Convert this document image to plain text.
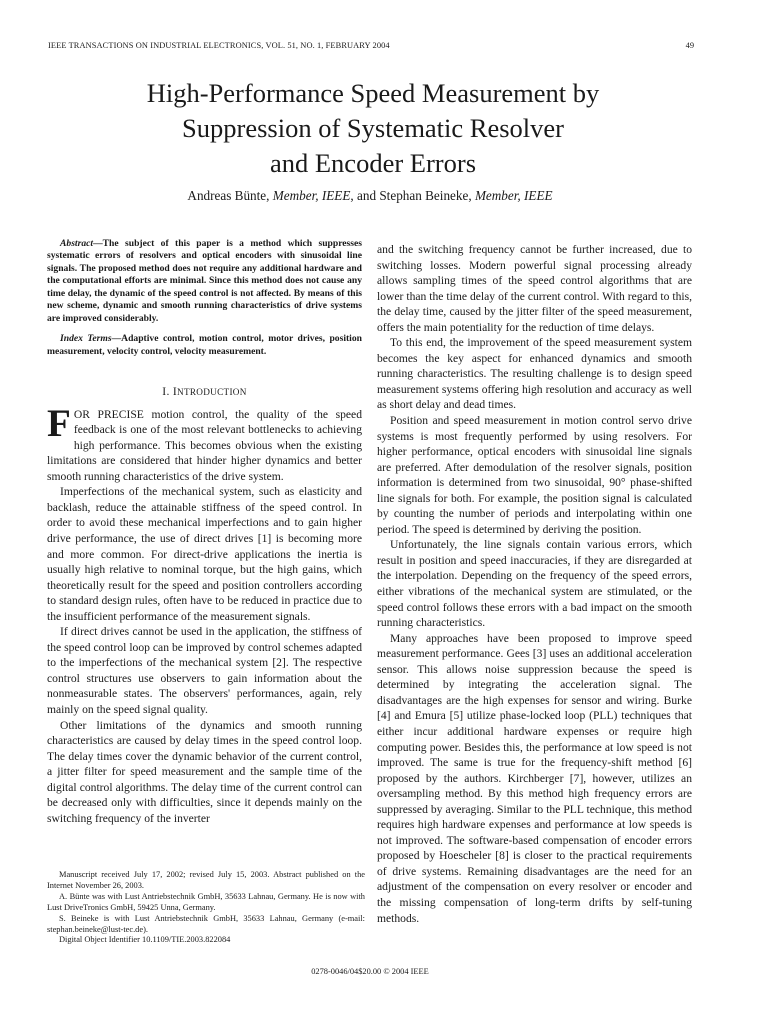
IEEE TRANSACTIONS ON INDUSTRIAL ELECTRONICS, VOL. 51, NO. 1, FEBRUARY 2004	49
High-Performance Speed Measurement by
Suppression of Systematic Resolver
and Encoder Errors
Andreas Bünte, Member, IEEE, and Stephan Beineke, Member, IEEE

Abstract—The subject of this paper is a method which suppresses systematic errors of resolvers and optical encoders with sinusoidal line signals. The proposed method does not require any additional hardware and the computational efforts are minimal. Since this method does not cause any time delay, the dynamic of the speed control is not affected. By means of this new scheme, dynamic and smooth running characteristics of drive systems are improved considerably.

Index Terms—Adaptive control, motion control, motor drives, position measurement, velocity control, velocity measurement.

I. INTRODUCTION

FOR PRECISE motion control, the quality of the speed feedback is one of the most relevant bottlenecks to achieving high performance. This becomes obvious when the existing limitations are considered that hinder higher dynamics and better smooth running characteristics of the drive system.

Imperfections of the mechanical system, such as elasticity and backlash, reduce the attainable stiffness of the speed control. In order to avoid these mechanical imperfections and to gain higher drive performance, the use of direct drives [1] is becoming more and more common. For direct-drive applications the inertia is usually high relative to nominal torque, but the high gains, which theoretically result for the speed and position controllers according to standard design rules, often have to be reduced in practice due to the insufficient performance of the measurement signals.

If direct drives cannot be used in the application, the stiffness of the speed control loop can be improved by control schemes adapted to the imperfections of the mechanical system [2]. The respective control structures use observers to gain information about the nonmeasurable states. The observers' performances, again, rely mainly on the speed signal quality.

Other limitations of the dynamics and smooth running characteristics are caused by delay times in the speed control loop. The delay times cover the dynamic behavior of the current control, a jitter filter for speed measurement and the sample time of the digital control algorithms. The delay time of the current control can be decreased only with difficulties, since it depends mainly on the switching frequency of the inverter

and the switching frequency cannot be further increased, due to switching losses. Modern powerful signal processing already allows sampling times of the speed control algorithms that are lower than the time delay of the current control. With regard to this, the delay time, caused by the jitter filter of the speed measurement, offers the main potentiality for the reduction of time delays.

To this end, the improvement of the speed measurement system becomes the key aspect for enhanced dynamics and smooth running characteristics. The resulting challenge is to design speed measurement systems offering high resolution and accuracy as well as short delay and dead times.

Position and speed measurement in motion control servo drive systems is most frequently performed by using resolvers. For higher performance, optical encoders with sinusoidal line signals are preferred. After demodulation of the resolver signals, position information is determined from two sinusoidal, 90° phase-shifted line signals for both. For example, the position signal is calculated by counting the number of periods and interpolating within one period. The speed is determined by deriving the position.

Unfortunately, the line signals contain various errors, which result in position and speed inaccuracies, if they are disregarded at the interpolation. Depending on the frequency of the speed errors, either vibrations of the mechanical system are stimulated, or the speed control follows these errors with a bad impact on the smooth running characteristics.

Many approaches have been proposed to improve speed measurement performance. Gees [3] uses an additional acceleration sensor. This allows noise suppression because the speed is determined by integrating the acceleration signal. The disadvantages are the high expenses for sensor and wiring. Burke [4] and Emura [5] utilize phase-locked loop (PLL) techniques that either incur additional hardware expenses or require high computing power. Besides this, the performance at low speed is not improved. The same is true for the frequency-shift method [6] proposed by the authors. Kirchberger [7], however, utilizes an oversampling method. By this method high frequency errors are suppressed by averaging. Similar to the PLL technique, this method requires high hardware expenses and performance at low speeds is not improved. The software-based compensation of encoder errors proposed by Hoescheler [8] is closer to the practical requirements of drive systems. Remaining disadvantages are the need for an adjustment of the compensation on every resolver or encoder and the missing compensation of long-term drifts by self-tuning methods.

Manuscript received July 17, 2002; revised July 15, 2003. Abstract published on the Internet November 26, 2003.

A. Bünte was with Lust Antriebstechnik GmbH, 35633 Lahnau, Germany. He is now with Lust DriveTronics GmbH, 59425 Unna, Germany.

S. Beineke is with Lust Antriebstechnik GmbH, 35633 Lahnau, Germany (e-mail: stephan.beineke@lust-tec.de).

Digital Object Identifier 10.1109/TIE.2003.822084

0278-0046/04$20.00 © 2004 IEEE
